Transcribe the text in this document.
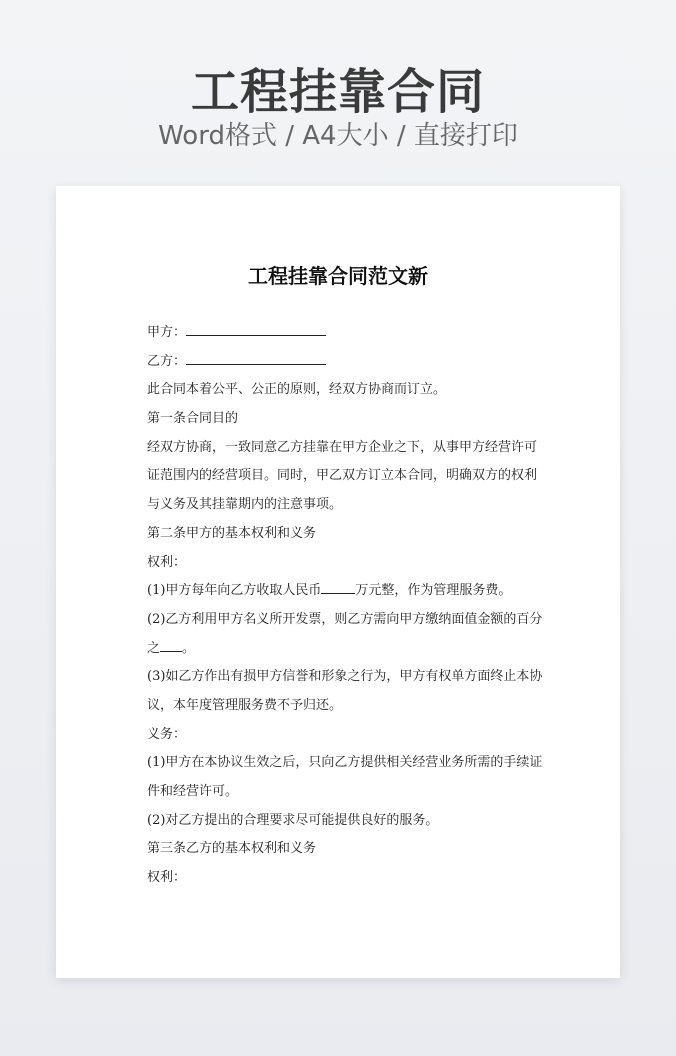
工程挂靠合同
Word格式 / A4大小 / 直接打印
工程挂靠合同范文新
甲方：
乙方：
此合同本着公平、公正的原则，经双方协商而订立。
第一条合同目的
经双方协商，一致同意乙方挂靠在甲方企业之下，从事甲方经营许可
证范围内的经营项目。同时，甲乙双方订立本合同，明确双方的权利
与义务及其挂靠期内的注意事项。
第二条甲方的基本权利和义务
权利：
(1)甲方每年向乙方收取人民币	万元整，作为管理服务费。
(2)乙方利用甲方名义所开发票，则乙方需向甲方缴纳面值金额的百分
之 。
(3)如乙方作出有损甲方信誉和形象之行为，甲方有权单方面终止本协
议，本年度管理服务费不予归还。
义务：
(1)甲方在本协议生效之后，只向乙方提供相关经营业务所需的手续证
件和经营许可。
(2)对乙方提出的合理要求尽可能提供良好的服务。
第三条乙方的基本权利和义务
权利：
